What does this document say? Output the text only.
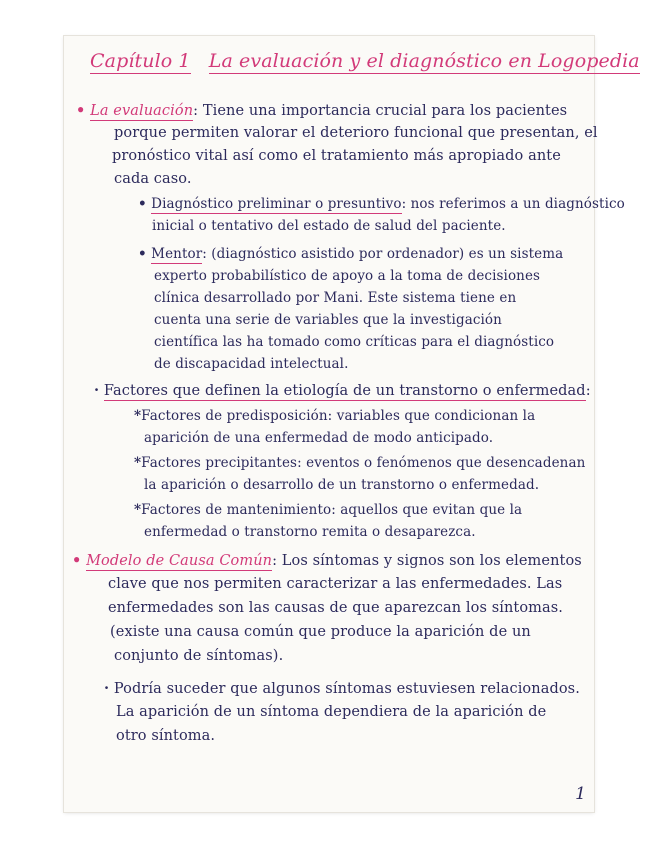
Capítulo 1 La evaluación y el diagnóstico en Logopedia
• La evaluación: Tiene una importancia crucial para los pacientes
porque permiten valorar el deterioro funcional que presentan, el
pronóstico vital así como el tratamiento más apropiado ante
cada caso.
• Diagnóstico preliminar o presuntivo: nos referimos a un diagnóstico
inicial o tentativo del estado de salud del paciente.
• Mentor: (diagnóstico asistido por ordenador) es un sistema
experto probabilístico de apoyo a la toma de decisiones
clínica desarrollado por Mani. Este sistema tiene en
cuenta una serie de variables que la investigación
científica las ha tomado como críticas para el diagnóstico
de discapacidad intelectual.
· Factores que definen la etiología de un transtorno o enfermedad:
*Factores de predisposición: variables que condicionan la
aparición de una enfermedad de modo anticipado.
*Factores precipitantes: eventos o fenómenos que desencadenan
la aparición o desarrollo de un transtorno o enfermedad.
*Factores de mantenimiento: aquellos que evitan que la
enfermedad o transtorno remita o desaparezca.
• Modelo de Causa Común: Los síntomas y signos son los elementos
clave que nos permiten caracterizar a las enfermedades. Las
enfermedades son las causas de que aparezcan los síntomas.
(existe una causa común que produce la aparición de un
conjunto de síntomas).
· Podría suceder que algunos síntomas estuviesen relacionados.
La aparición de un síntoma dependiera de la aparición de
otro síntoma.
1
